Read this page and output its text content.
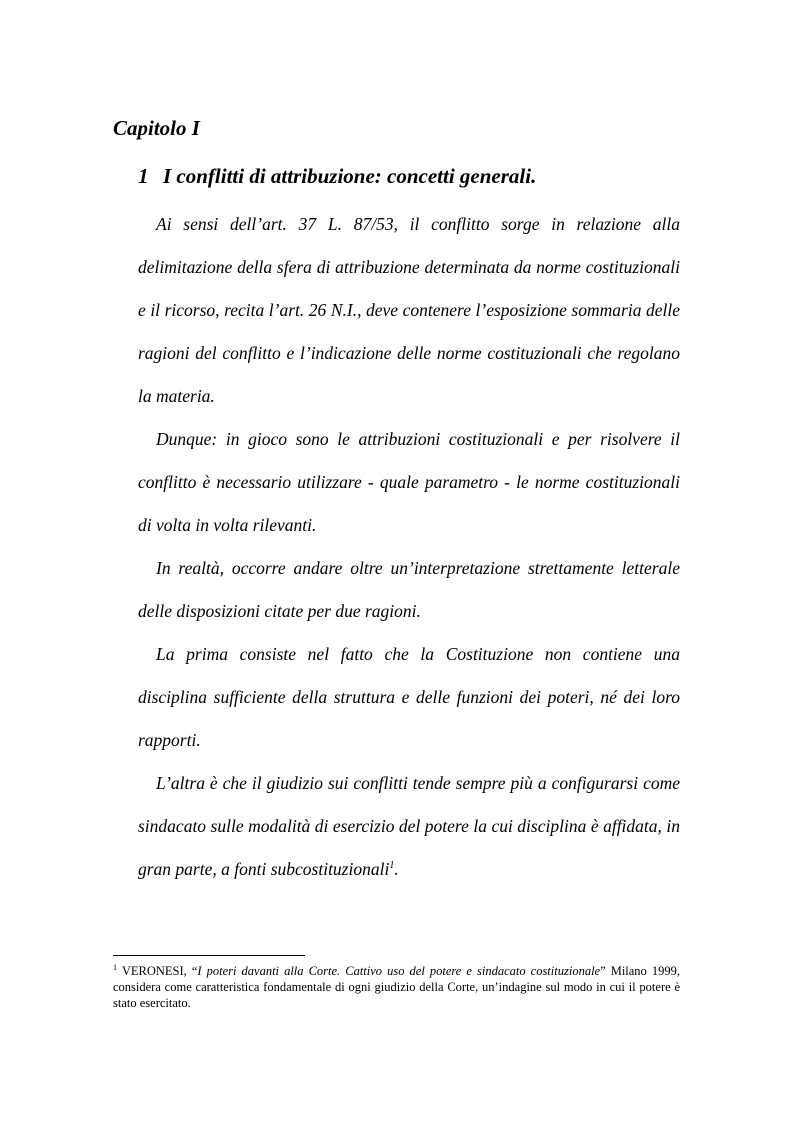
Capitolo I
1 I conflitti di attribuzione: concetti generali.

Ai sensi dell’art. 37 L. 87/53, il conflitto sorge in relazione alla delimitazione della sfera di attribuzione determinata da norme costituzionali e il ricorso, recita l’art. 26 N.I., deve contenere l’esposizione sommaria delle ragioni del conflitto e l’indicazione delle norme costituzionali che regolano la materia.

Dunque: in gioco sono le attribuzioni costituzionali e per risolvere il conflitto è necessario utilizzare - quale parametro - le norme costituzionali di volta in volta rilevanti.

In realtà, occorre andare oltre un’interpretazione strettamente letterale delle disposizioni citate per due ragioni.

La prima consiste nel fatto che la Costituzione non contiene una disciplina sufficiente della struttura e delle funzioni dei poteri, né dei loro rapporti.

L’altra è che il giudizio sui conflitti tende sempre più a configurarsi come sindacato sulle modalità di esercizio del potere la cui disciplina è affidata, in gran parte, a fonti subcostituzionali$^1$.

$^1$ VERONESI, “I poteri davanti alla Corte. Cattivo uso del potere e sindacato costituzionale” Milano 1999, considera come caratteristica fondamentale di ogni giudizio della Corte, un’indagine sul modo in cui il potere è stato esercitato.
